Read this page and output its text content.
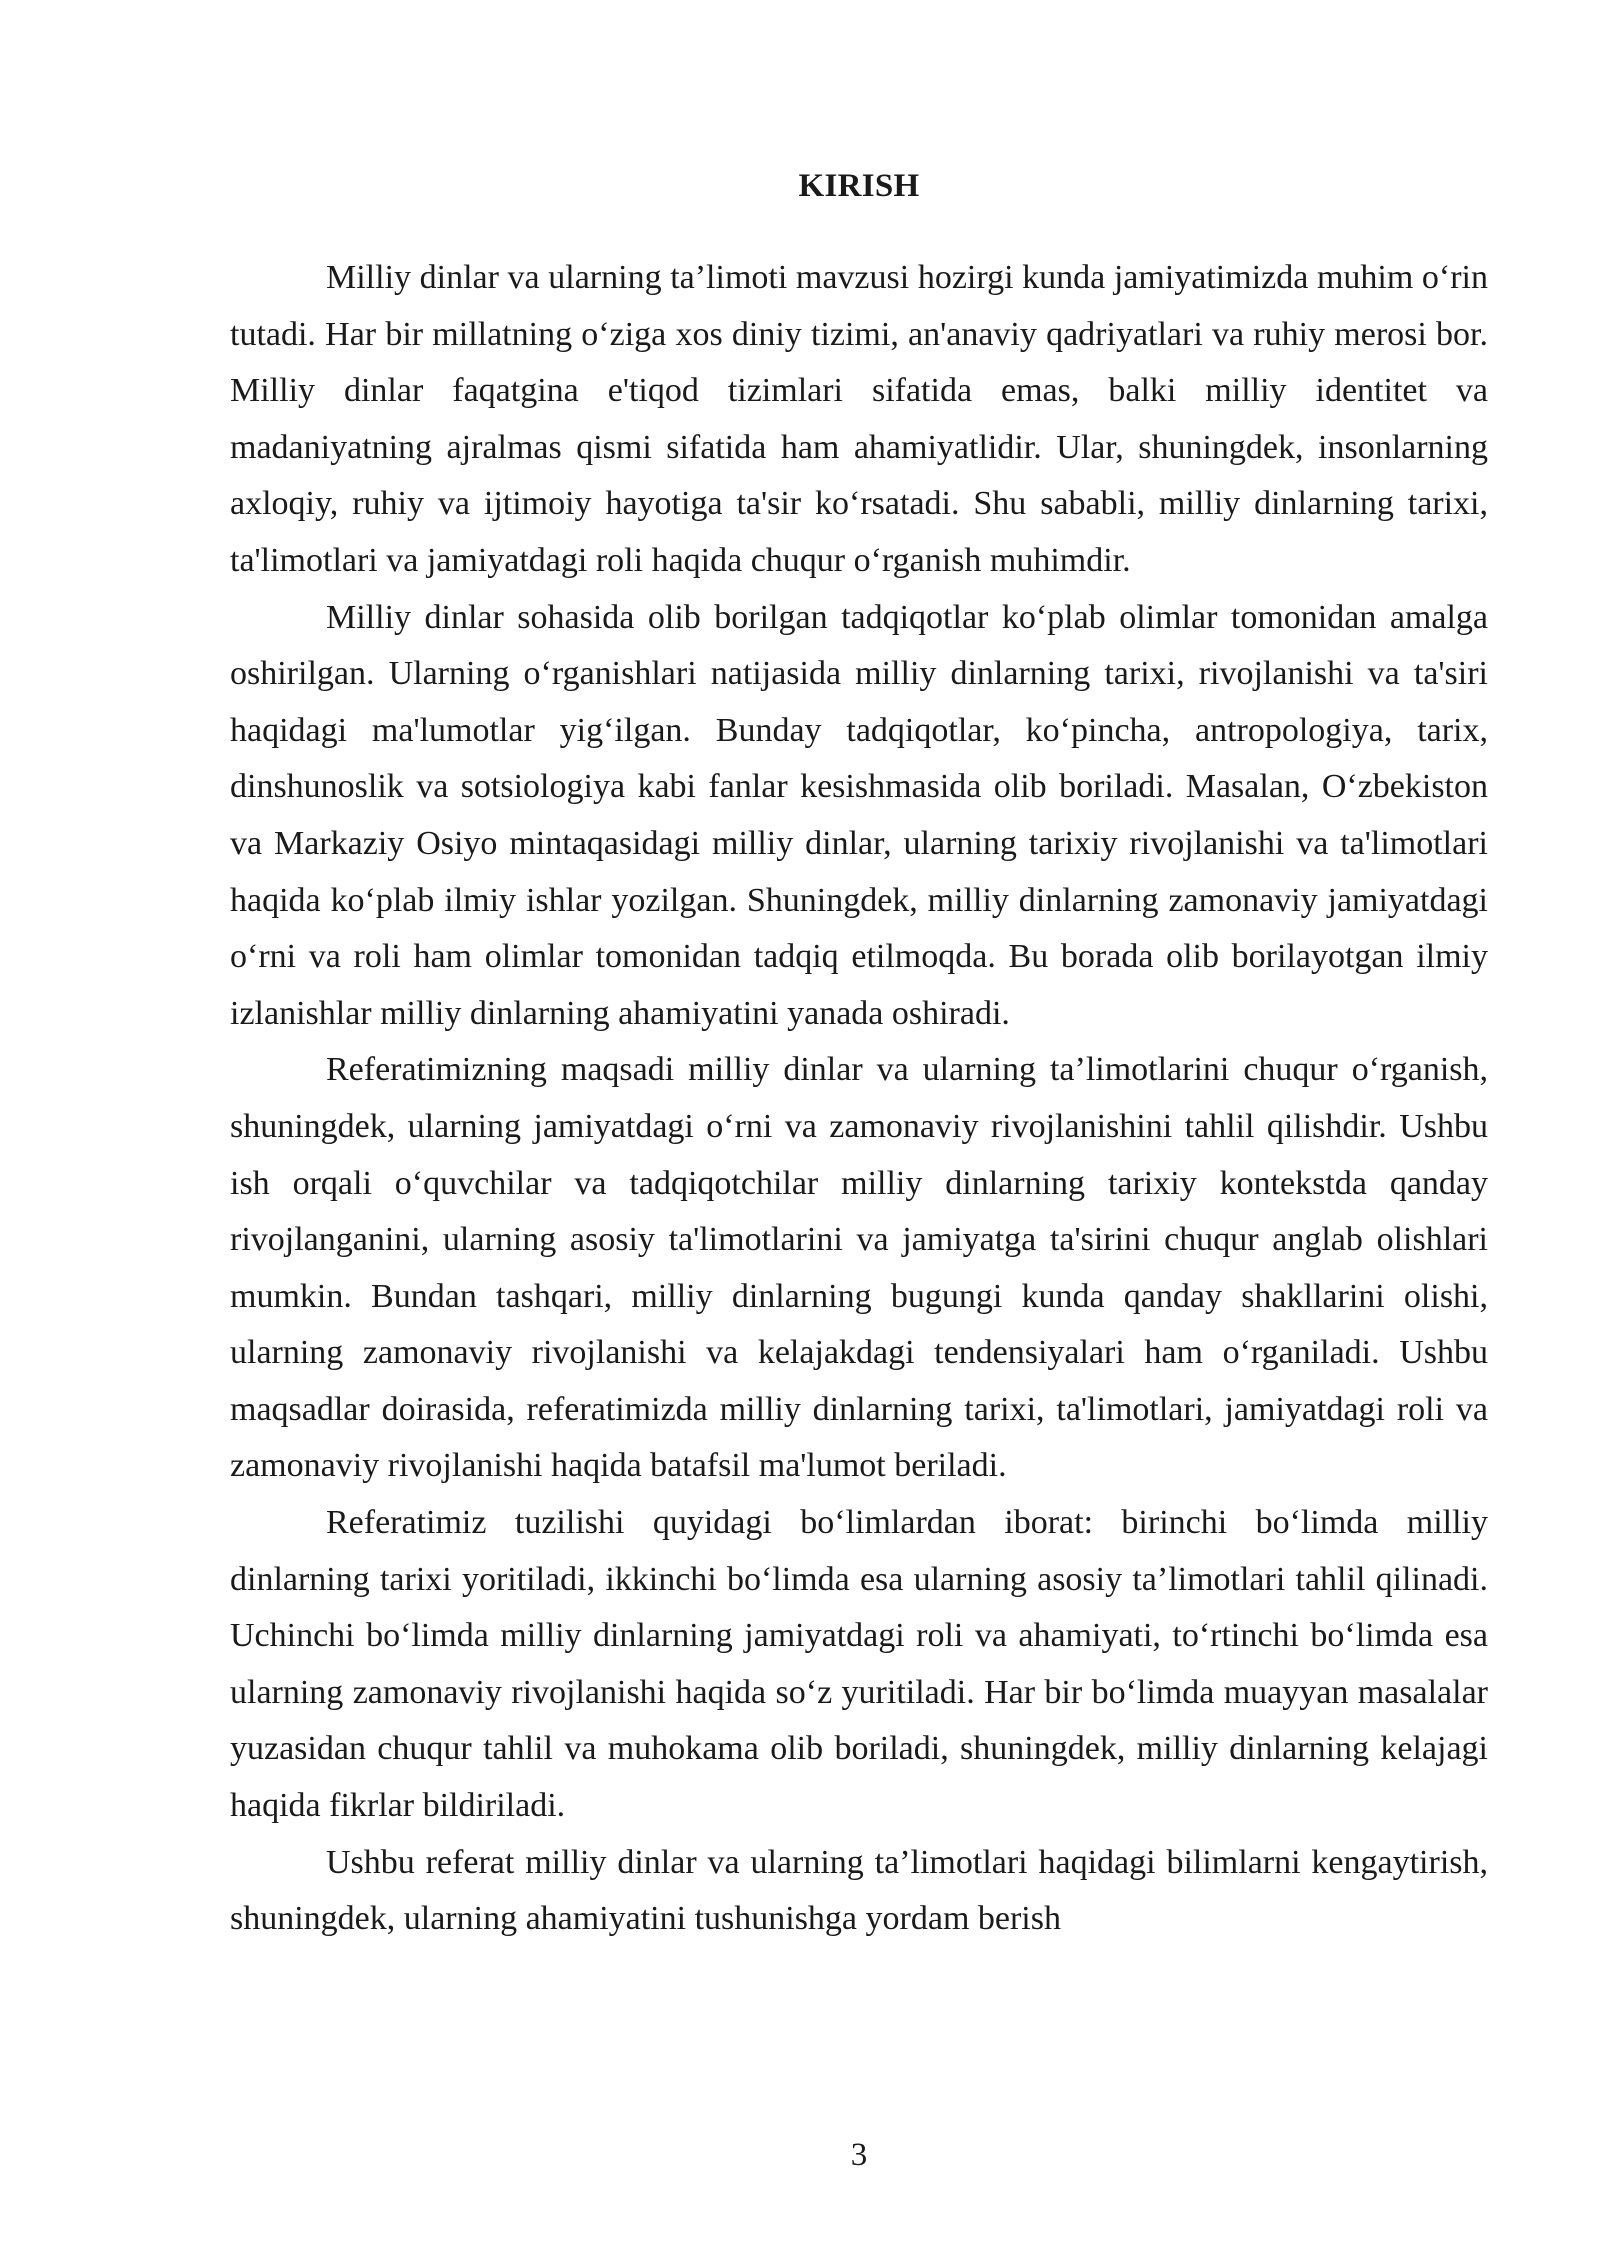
KIRISH

Milliy dinlar va ularning ta’limoti mavzusi hozirgi kunda jamiyatimizda muhim o‘rin tutadi. Har bir millatning o‘ziga xos diniy tizimi, an'anaviy qadriyatlari va ruhiy merosi bor. Milliy dinlar faqatgina e'tiqod tizimlari sifatida emas, balki milliy identitet va madaniyatning ajralmas qismi sifatida ham ahamiyatlidir. Ular, shuningdek, insonlarning axloqiy, ruhiy va ijtimoiy hayotiga ta'sir ko‘rsatadi. Shu sababli, milliy dinlarning tarixi, ta'limotlari va jamiyatdagi roli haqida chuqur o‘rganish muhimdir.

Milliy dinlar sohasida olib borilgan tadqiqotlar ko‘plab olimlar tomonidan amalga oshirilgan. Ularning o‘rganishlari natijasida milliy dinlarning tarixi, rivojlanishi va ta'siri haqidagi ma'lumotlar yig‘ilgan. Bunday tadqiqotlar, ko‘pincha, antropologiya, tarix, dinshunoslik va sotsiologiya kabi fanlar kesishmasida olib boriladi. Masalan, O‘zbekiston va Markaziy Osiyo mintaqasidagi milliy dinlar, ularning tarixiy rivojlanishi va ta'limotlari haqida ko‘plab ilmiy ishlar yozilgan. Shuningdek, milliy dinlarning zamonaviy jamiyatdagi o‘rni va roli ham olimlar tomonidan tadqiq etilmoqda. Bu borada olib borilayotgan ilmiy izlanishlar milliy dinlarning ahamiyatini yanada oshiradi.

Referatimizning maqsadi milliy dinlar va ularning ta’limotlarini chuqur o‘rganish, shuningdek, ularning jamiyatdagi o‘rni va zamonaviy rivojlanishini tahlil qilishdir. Ushbu ish orqali o‘quvchilar va tadqiqotchilar milliy dinlarning tarixiy kontekstda qanday rivojlanganini, ularning asosiy ta'limotlarini va jamiyatga ta'sirini chuqur anglab olishlari mumkin. Bundan tashqari, milliy dinlarning bugungi kunda qanday shakllarini olishi, ularning zamonaviy rivojlanishi va kelajakdagi tendensiyalari ham o‘rganiladi. Ushbu maqsadlar doirasida, referatimizda milliy dinlarning tarixi, ta'limotlari, jamiyatdagi roli va zamonaviy rivojlanishi haqida batafsil ma'lumot beriladi.

Referatimiz tuzilishi quyidagi bo‘limlardan iborat: birinchi bo‘limda milliy dinlarning tarixi yoritiladi, ikkinchi bo‘limda esa ularning asosiy ta’limotlari tahlil qilinadi. Uchinchi bo‘limda milliy dinlarning jamiyatdagi roli va ahamiyati, to‘rtinchi bo‘limda esa ularning zamonaviy rivojlanishi haqida so‘z yuritiladi. Har bir bo‘limda muayyan masalalar yuzasidan chuqur tahlil va muhokama olib boriladi, shuningdek, milliy dinlarning kelajagi haqida fikrlar bildiriladi.

Ushbu referat milliy dinlar va ularning ta’limotlari haqidagi bilimlarni kengaytirish, shuningdek, ularning ahamiyatini tushunishga yordam berish

3
